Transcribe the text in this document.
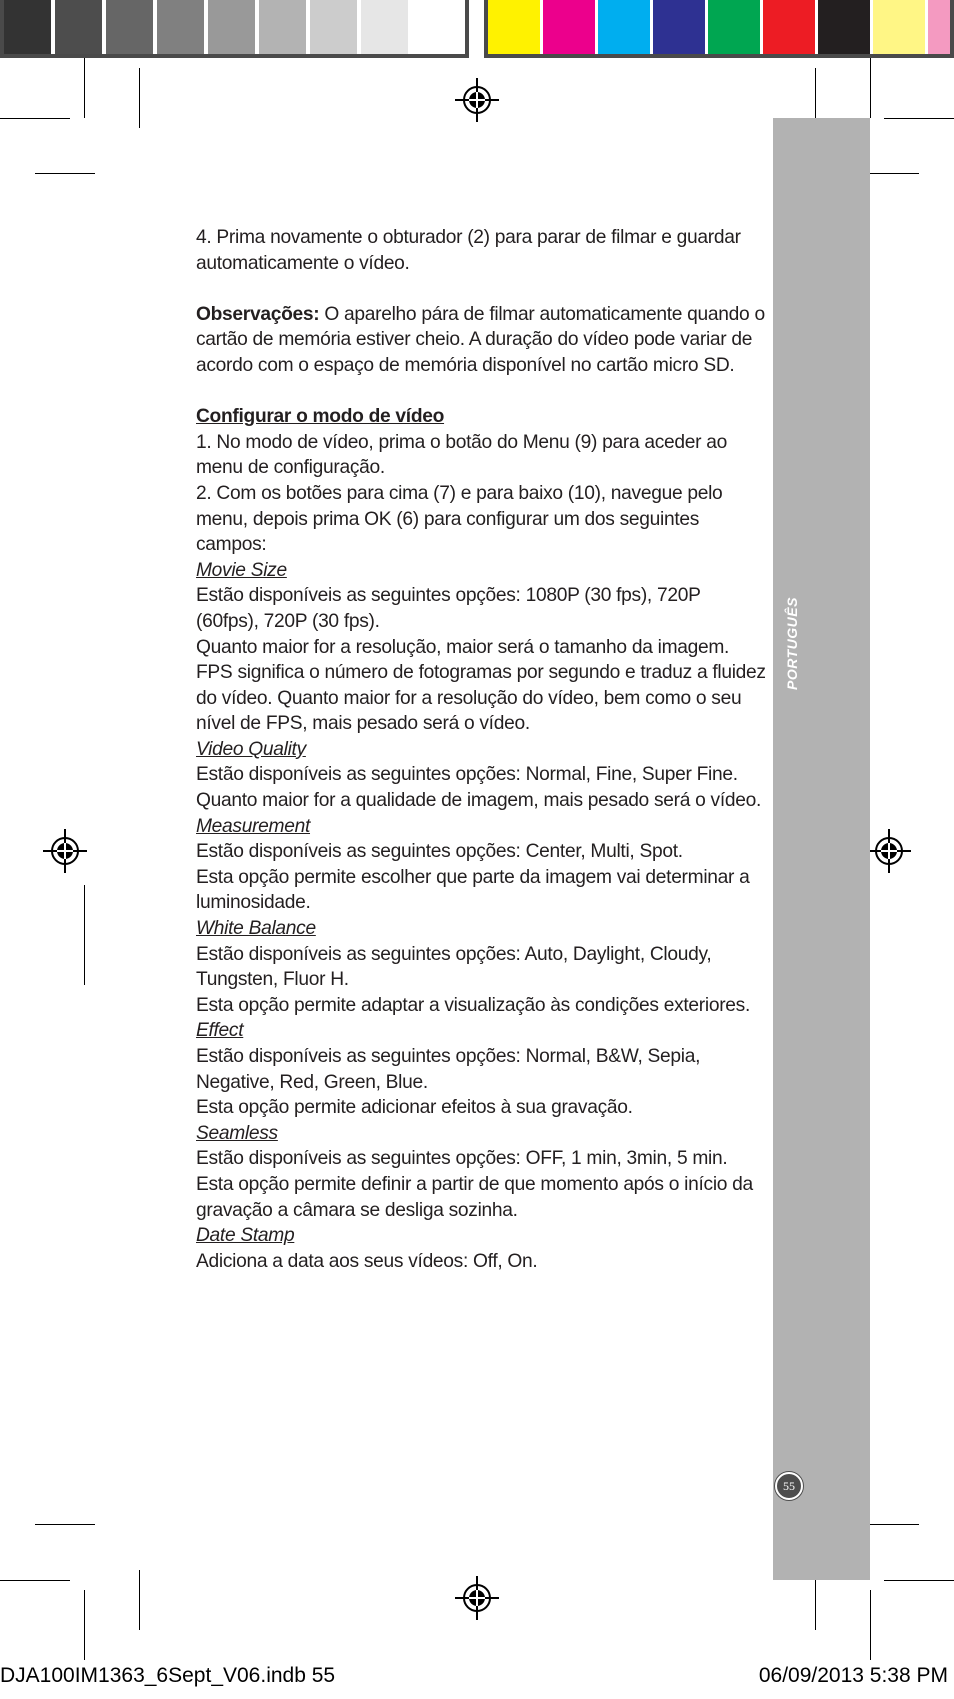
PORTUGUÊS
55

4. Prima novamente o obturador (2) para parar de filmar e guardar automaticamente o vídeo.

Observações: O aparelho pára de filmar automaticamente quando o cartão de memória estiver cheio. A duração do vídeo pode variar de acordo com o espaço de memória disponível no cartão micro SD.

Configurar o modo de vídeo

1. No modo de vídeo, prima o botão do Menu (9) para aceder ao menu de configuração.

2. Com os botões para cima (7) e para baixo (10), navegue pelo menu, depois prima OK (6) para configurar um dos seguintes campos:

Movie Size

Estão disponíveis as seguintes opções: 1080P (30 fps), 720P (60fps), 720P (30 fps).

Quanto maior for a resolução, maior será o tamanho da imagem. FPS significa o número de fotogramas por segundo e traduz a fluidez do vídeo. Quanto maior for a resolução do vídeo, bem como o seu nível de FPS, mais pesado será o vídeo.

Video Quality

Estão disponíveis as seguintes opções: Normal, Fine, Super Fine.

Quanto maior for a qualidade de imagem, mais pesado será o vídeo.

Measurement

Estão disponíveis as seguintes opções: Center, Multi, Spot.

Esta opção permite escolher que parte da imagem vai determinar a luminosidade.

White Balance

Estão disponíveis as seguintes opções: Auto, Daylight, Cloudy, Tungsten, Fluor H.

Esta opção permite adaptar a visualização às condições exteriores.

Effect

Estão disponíveis as seguintes opções: Normal, B&W, Sepia, Negative, Red, Green, Blue.

Esta opção permite adicionar efeitos à sua gravação.

Seamless

Estão disponíveis as seguintes opções: OFF, 1 min, 3min, 5 min.

Esta opção permite definir a partir de que momento após o início da gravação a câmara se desliga sozinha.

Date Stamp

Adiciona a data aos seus vídeos: Off, On.

DJA100IM1363_6Sept_V06.indb 55	06/09/2013 5:38 PM
